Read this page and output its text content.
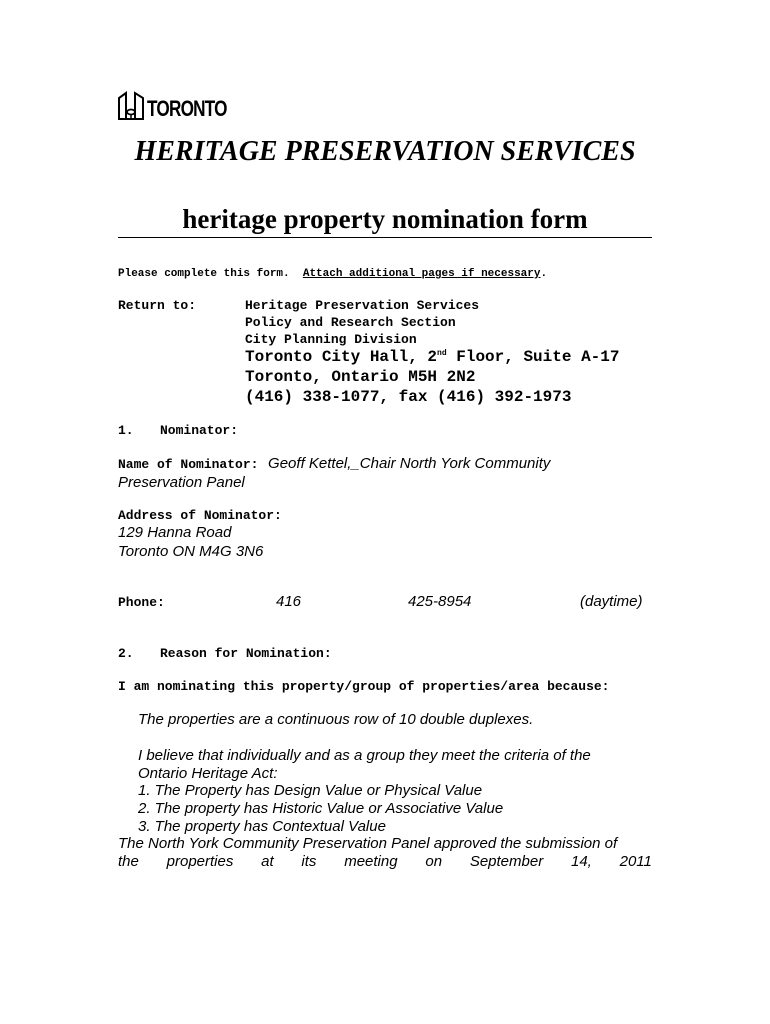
TORONTO
HERITAGE PRESERVATION SERVICES
heritage property nomination form
Please complete this form. Attach additional pages if necessary.
Return to:	Heritage Preservation Services
Policy and Research Section
City Planning Division
Toronto City Hall, 2nd Floor, Suite A-17
Toronto, Ontario M5H 2N2
(416) 338-1077, fax (416) 392-1973
1. Nominator:
Name of Nominator: Geoff Kettel,_Chair North York Community
Preservation Panel
Address of Nominator:
129 Hanna Road
Toronto ON M4G 3N6
Phone:	416	425-8954	(daytime)
2. Reason for Nomination:
I am nominating this property/group of properties/area because:
The properties are a continuous row of 10 double duplexes.
I believe that individually and as a group they meet the criteria of the
Ontario Heritage Act:
1. The Property has Design Value or Physical Value
2. The property has Historic Value or Associative Value
3. The property has Contextual Value
The North York Community Preservation Panel approved the submission of
the properties at its meeting on September 14, 2011
